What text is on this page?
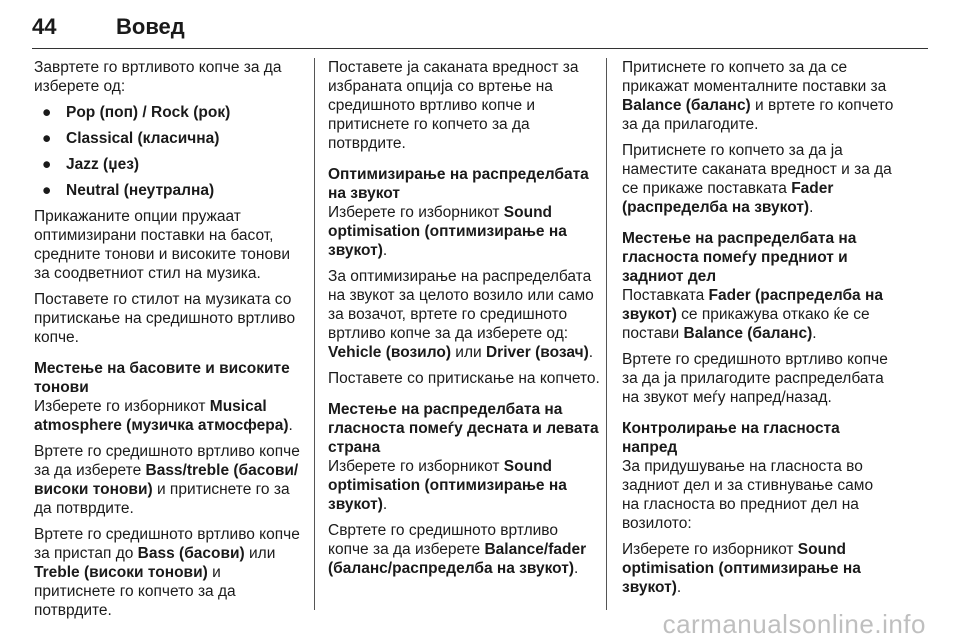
44	Вовед

Завртете го вртливото копче за да изберете од:

● Pop (поп) / Rock (рок)
● Classical (класична)
● Jazz (џез)
● Neutral (неутрална)

Прикажаните опции пружаат оптимизирани поставки на басот, средните тонови и високите тонови за соодветниот стил на музика.

Поставете го стилот на музиката со притискање на средишното вртливо копче.

Местење на басовите и високите тонови

Изберете го изборникот Musical atmosphere (музичка атмосфера).

Вртете го средишното вртливо копче за да изберете Bass/treble (басови/високи тонови) и притиснете го за да потврдите.

Вртете го средишното вртливо копче за пристап до Bass (басови) или Treble (високи тонови) и притиснете го копчето за да потврдите.

Поставете ја саканата вредност за избраната опција со вртење на средишното вртливо копче и притиснете го копчето за да потврдите.

Оптимизирање на распределбата на звукот

Изберете го изборникот Sound optimisation (оптимизирање на звукот).

За оптимизирање на распределбата на звукот за целото возило или само за возачот, вртете го средишното вртливо копче за да изберете од: Vehicle (возило) или Driver (возач).

Поставете со притискање на копчето.

Местење на распределбата на гласноста помеѓу десната и левата страна

Изберете го изборникот Sound optimisation (оптимизирање на звукот).

Свртете го средишното вртливо копче за да изберете Balance/fader (баланс/распределба на звукот).

Притиснете го копчето за да се прикажат моменталните поставки за Balance (баланс) и вртете го копчето за да прилагодите.

Притиснете го копчето за да ја наместите саканата вредност и за да се прикаже поставката Fader (распределба на звукот).

Местење на распределбата на гласноста помеѓу предниот и задниот дел

Поставката Fader (распределба на звукот) се прикажува откако ќе се постави Balance (баланс).

Вртете го средишното вртливо копче за да ја прилагодите распределбата на звукот меѓу напред/назад.

Контролирање на гласноста напред

За придушување на гласноста во задниот дел и за стивнување само на гласноста во предниот дел на возилото:

Изберете го изборникот Sound optimisation (оптимизирање на звукот).

carmanualsonline.info
